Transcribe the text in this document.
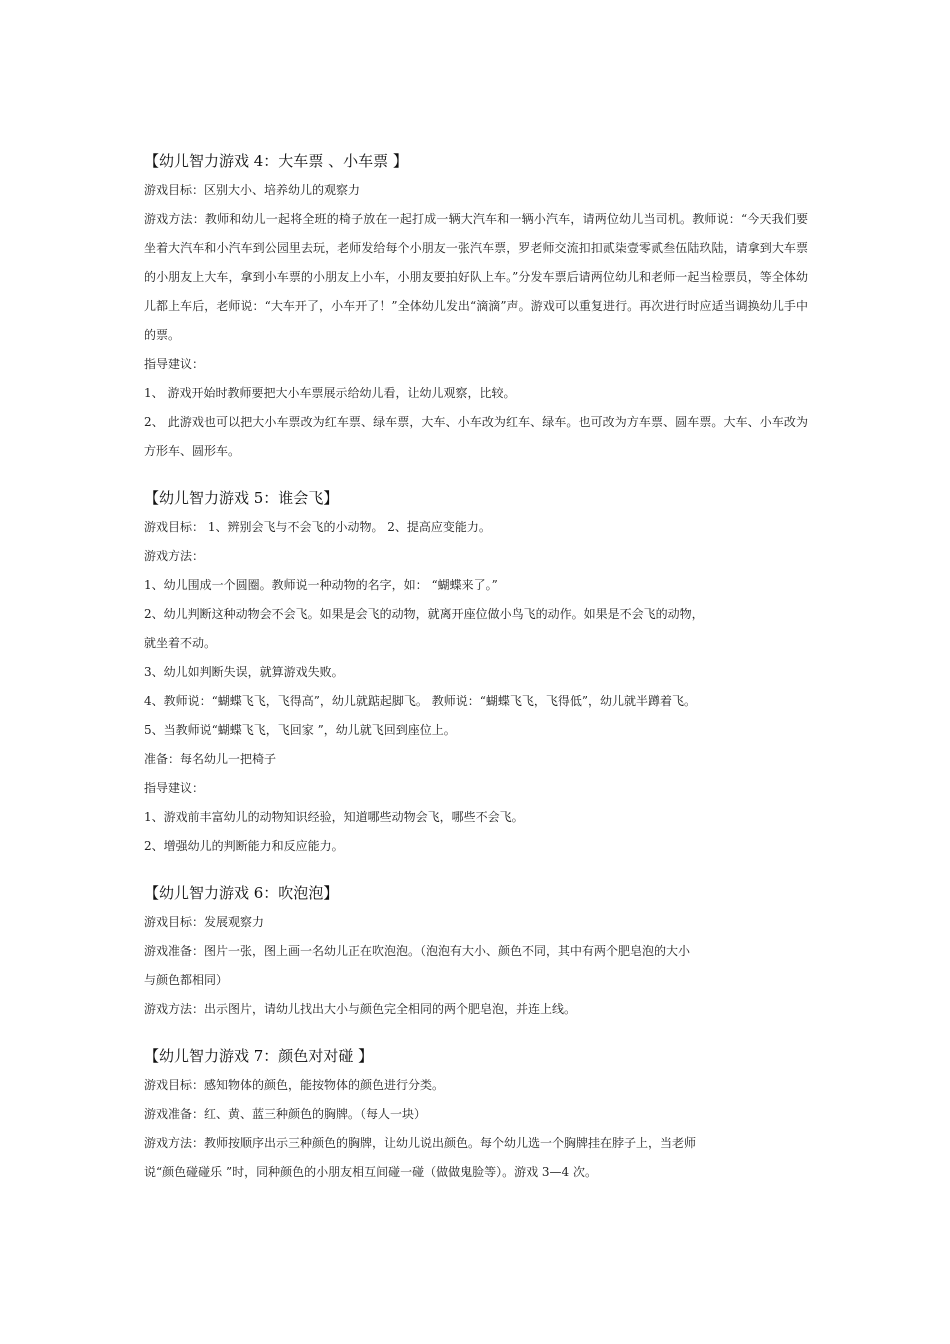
【幼儿智力游戏 4：大车票 、小车票 】

游戏目标：区别大小、培养幼儿的观察力

游戏方法：教师和幼儿一起将全班的椅子放在一起打成一辆大汽车和一辆小汽车，请两位幼儿当司机。教师说：“今天我们要坐着大汽车和小汽车到公园里去玩，老师发给每个小朋友一张汽车票，罗老师交流扣扣贰柒壹零贰叁伍陆玖陆，请拿到大车票的小朋友上大车，拿到小车票的小朋友上小车，小朋友要拍好队上车。”分发车票后请两位幼儿和老师一起当检票员，等全体幼儿都上车后，老师说：“大车开了，小车开了！”全体幼儿发出“滴滴”声。游戏可以重复进行。再次进行时应适当调换幼儿手中的票。

指导建议：

1、 游戏开始时教师要把大小车票展示给幼儿看，让幼儿观察，比较。

2、 此游戏也可以把大小车票改为红车票、绿车票，大车、小车改为红车、绿车。也可改为方车票、圆车票。大车、小车改为方形车、圆形车。

【幼儿智力游戏 5：谁会飞】

游戏目标： 1、辨别会飞与不会飞的小动物。 2、提高应变能力。

游戏方法：

1、幼儿围成一个圆圈。教师说一种动物的名字，如： “蝴蝶来了。”

2、幼儿判断这种动物会不会飞。如果是会飞的动物，就离开座位做小鸟飞的动作。如果是不会飞的动物，

就坐着不动。

3、幼儿如判断失误，就算游戏失败。

4、教师说：“蝴蝶飞飞，飞得高”，幼儿就踮起脚飞。 教师说：“蝴蝶飞飞，飞得低”，幼儿就半蹲着飞。

5、当教师说“蝴蝶飞飞，飞回家 ”，幼儿就飞回到座位上。

准备：每名幼儿一把椅子

指导建议：

1、游戏前丰富幼儿的动物知识经验，知道哪些动物会飞，哪些不会飞。

2、增强幼儿的判断能力和反应能力。

【幼儿智力游戏 6：吹泡泡】

游戏目标：发展观察力

游戏准备：图片一张，图上画一名幼儿正在吹泡泡。（泡泡有大小、颜色不同，其中有两个肥皂泡的大小

与颜色都相同）

游戏方法：出示图片，请幼儿找出大小与颜色完全相同的两个肥皂泡，并连上线。

【幼儿智力游戏 7：颜色对对碰 】

游戏目标：感知物体的颜色，能按物体的颜色进行分类。

游戏准备：红、黄、蓝三种颜色的胸牌。（每人一块）

游戏方法：教师按顺序出示三种颜色的胸牌，让幼儿说出颜色。每个幼儿选一个胸牌挂在脖子上，当老师

说“颜色碰碰乐 ”时，同种颜色的小朋友相互间碰一碰（做做鬼脸等）。游戏 3—4 次。
